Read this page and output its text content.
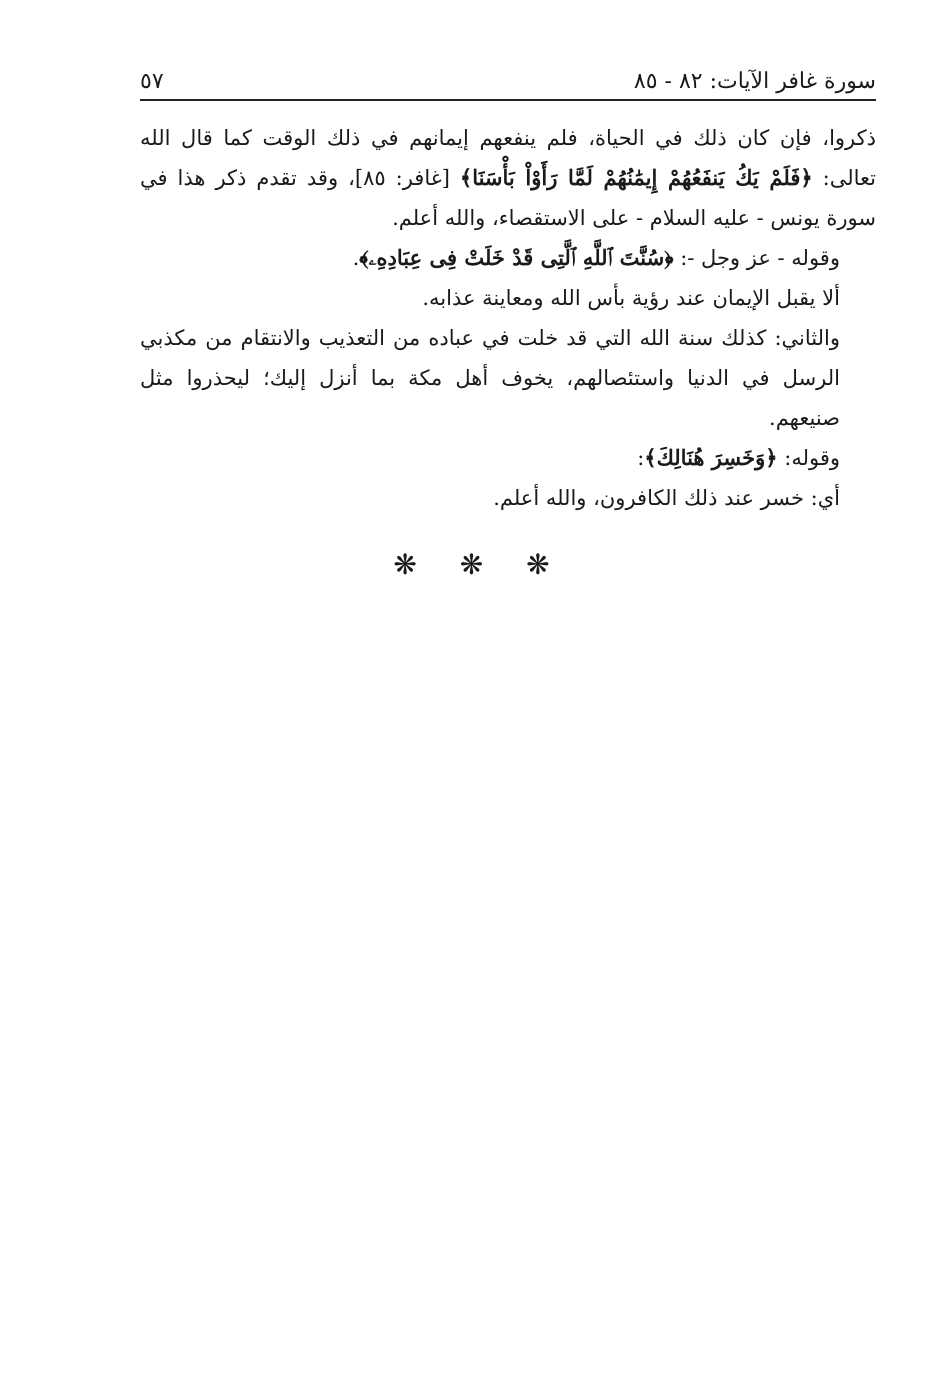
سورة غافر الآيات: ٨٢ - ٨٥
٥٧

ذكروا، فإن كان ذلك في الحياة، فلم ينفعهم إيمانهم في ذلك الوقت كما قال الله تعالى: ﴿فَلَمْ يَكُ يَنفَعُهُمْ إِيمَٰنُهُمْ لَمَّا رَأَوْاْ بَأْسَنَا﴾ [غافر: ٨٥]، وقد تقدم ذكر هذا في سورة يونس - عليه السلام - على الاستقصاء، والله أعلم.

وقوله - عز وجل -: ﴿سُنَّتَ ٱللَّهِ ٱلَّتِى قَدْ خَلَتْ فِى عِبَادِهِۦ﴾.

ألا يقبل الإيمان عند رؤية بأس الله ومعاينة عذابه.

والثاني: كذلك سنة الله التي قد خلت في عباده من التعذيب والانتقام من مكذبي الرسل في الدنيا واستئصالهم، يخوف أهل مكة بما أنزل إليك؛ ليحذروا مثل صنيعهم.

وقوله: ﴿وَخَسِرَ هُنَالِكَ﴾:

أي: خسر عند ذلك الكافرون، والله أعلم.

❋ ❋ ❋
